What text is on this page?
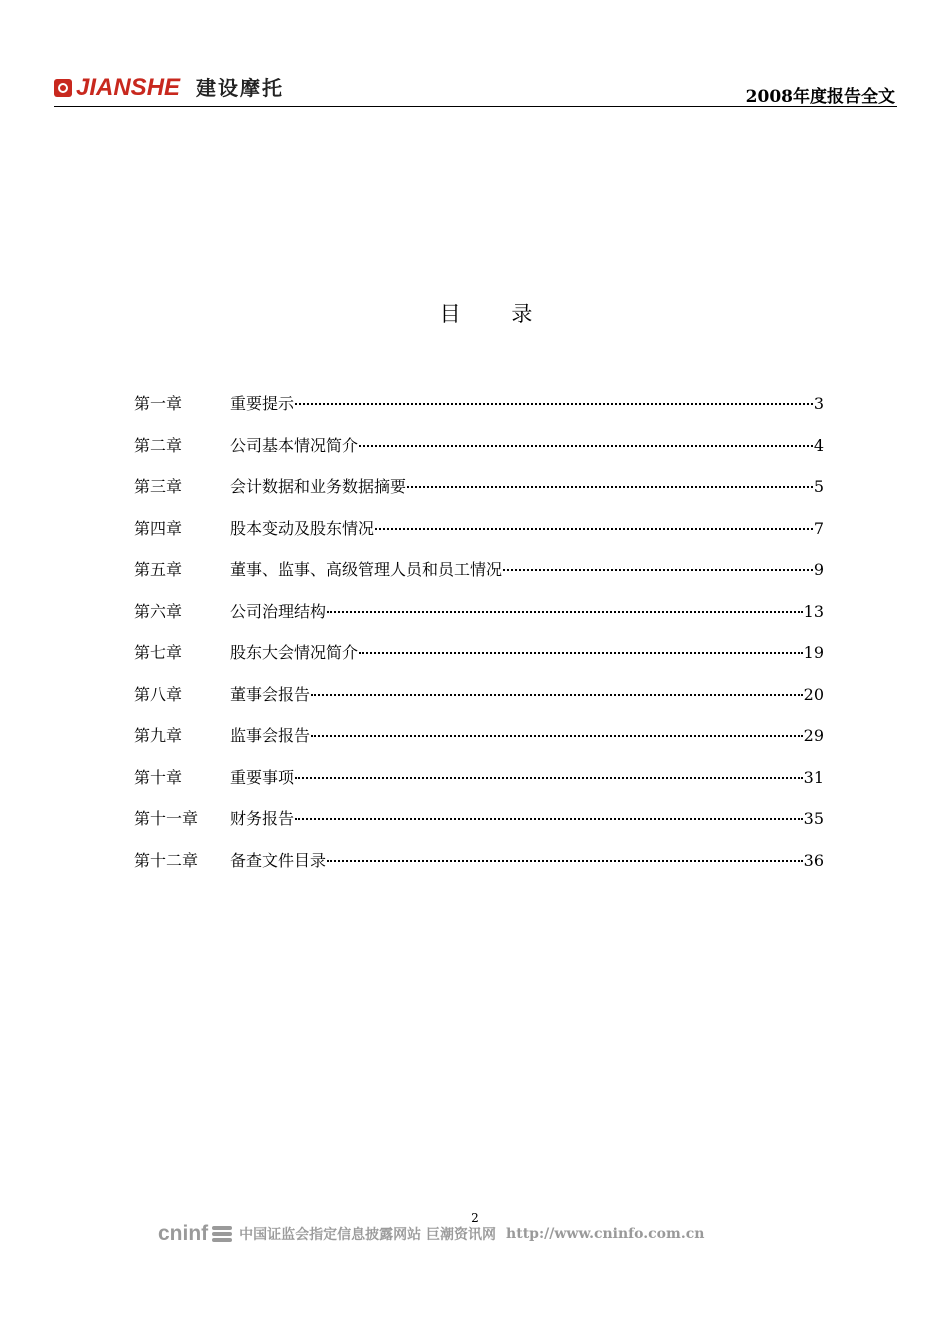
JIANSHE 建设摩托	2008年度报告全文
目 录
第一章	重要提示	3
第二章	公司基本情况简介	4
第三章	会计数据和业务数据摘要	5
第四章	股本变动及股东情况	7
第五章	董事、监事、高级管理人员和员工情况	9
第六章	公司治理结构	13
第七章	股东大会情况简介	19
第八章	董事会报告	20
第九章	监事会报告	29
第十章	重要事项	31
第十一章	财务报告	35
第十二章	备查文件目录	36
2
cninf 中国证监会指定信息披露网站 巨潮资讯网 http://www.cninfo.com.cn
